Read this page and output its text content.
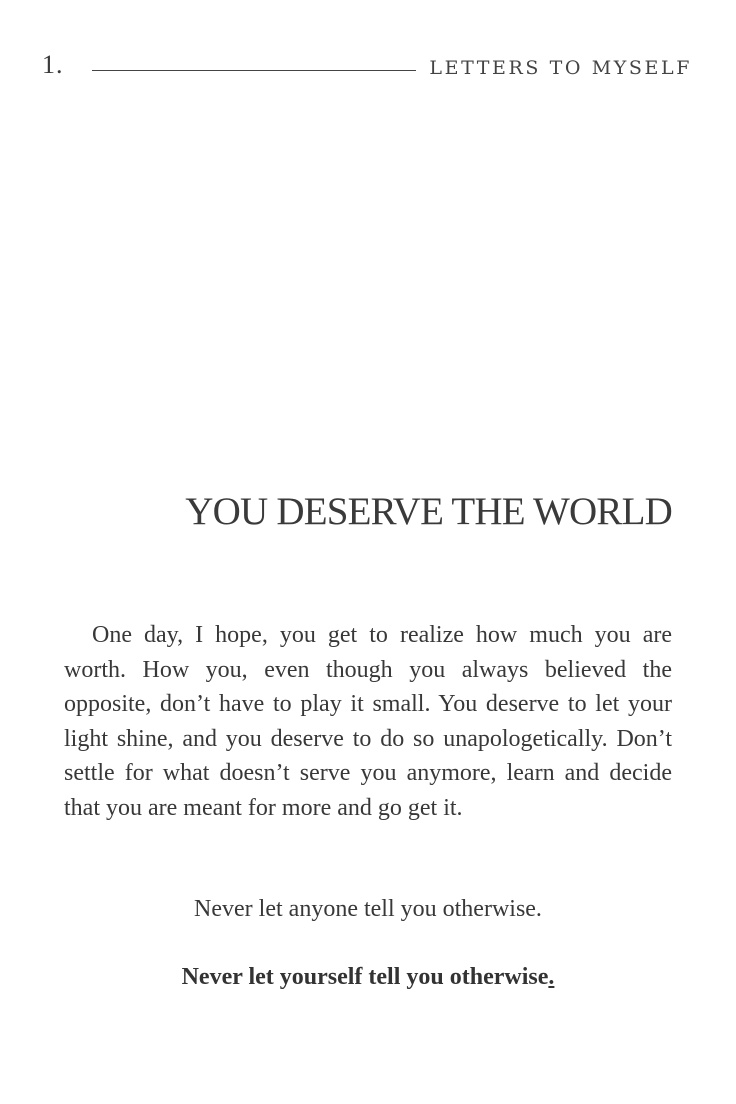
1.	LETTERS TO MYSELF
YOU DESERVE THE WORLD

One day, I hope, you get to realize how much you are worth. How you, even though you always believed the opposite, don’t have to play it small. You deserve to let your light shine, and you deserve to do so unapologetically. Don’t settle for what doesn’t serve you anymore, learn and decide that you are meant for more and go get it.

Never let anyone tell you otherwise.

Never let yourself tell you otherwise.
